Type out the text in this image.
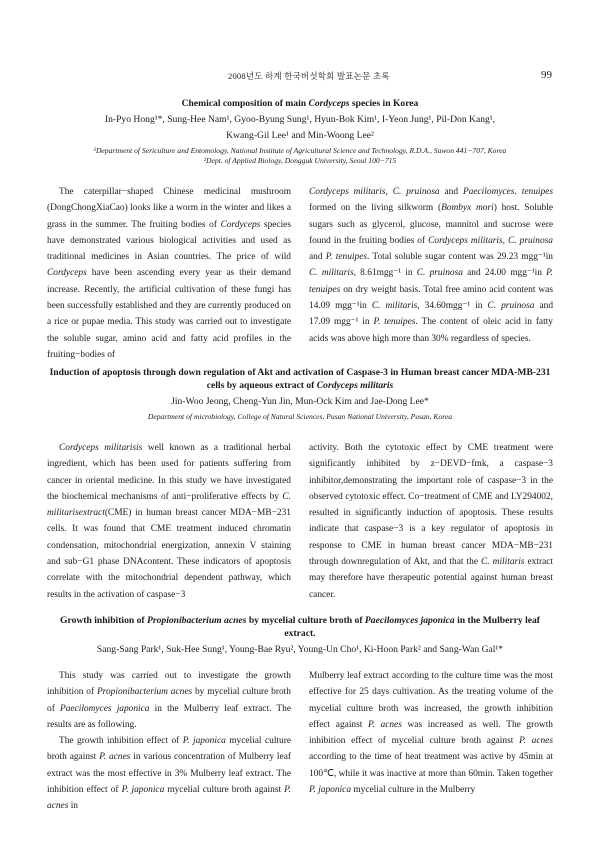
2008년도 하계 한국버섯학회 발표논문 초록	99

Chemical composition of main Cordyceps species in Korea

In-Pyo Hong¹*, Sung-Hee Nam¹, Gyoo-Byung Sung¹, Hyun-Bok Kim¹, I-Yeon Jung¹, Pil-Don Kang¹,
Kwang-Gil Lee¹ and Min-Woong Lee²

¹Department of Sericulture and Entomology, National Institute of Agricultural Science and Technology, R.D.A., Suwon 441−707, Korea
²Dept. of Applied Biology, Dongguk University, Seoul 100−715

The caterpillar−shaped Chinese medicinal mushroom (DongChongXiaCao) looks like a worm in the winter and likes a grass in the summer. The fruiting bodies of Cordyceps species have demonstrated various biological activities and used as traditional medicines in Asian countries. The price of wild Cordyceps have been ascending every year as their demand increase. Recently, the artificial cultivation of these fungi has been successfully established and they are currently produced on a rice or pupae media. This study was carried out to investigate the soluble sugar, amino acid and fatty acid profiles in the fruiting−bodies of

Cordyceps militaris, C. pruinosa and Paecilomyces. tenuipes formed on the living silkworm (Bombyx mori) host. Soluble sugars such as glycerol, glucose, mannitol and sucrose were found in the fruiting bodies of Cordyceps militaris, C. pruinosa and P. tenuipes. Total soluble sugar content was 29.23 mgg⁻¹in C. militaris, 8.61mgg⁻¹ in C. pruinosa and 24.00 mgg⁻¹in P. tenuipes on dry weight basis. Total free amino acid content was 14.09 mgg⁻¹in C. militaris, 34.60mgg⁻¹ in C. pruinosa and 17.09 mgg⁻¹ in P. tenuipes. The content of oleic acid in fatty acids was above high more than 30% regardless of species.

Induction of apoptosis through down regulation of Akt and activation of Caspase-3 in Human breast cancer MDA-MB-231
cells by aqueous extract of Cordyceps militaris

Jin-Woo Jeong, Cheng-Yun Jin, Mun-Ock Kim and Jae-Dong Lee*

Department of microbiology, College of Natural Sciences, Pusan National University, Pusan, Korea

Cordyceps militarisis well known as a traditional herbal ingredient, which has been used for patients suffering from cancer in oriental medicine. In this study we have investigated the biochemical mechanisms of anti−proliferative effects by C. militarisextract(CME) in human breast cancer MDA−MB−231 cells. It was found that CME treatment induced chromatin condensation, mitochondrial energization, annexin V staining and sub−G1 phase DNAcontent. These indicators of apoptosis correlate with the mitochondrial dependent pathway, which results in the activation of caspase−3

activity. Both the cytotoxic effect by CME treatment were significantly inhibited by z−DEVD−fmk, a caspase−3 inhibitor,demonstrating the important role of caspase−3 in the observed cytotoxic effect. Co−treatment of CME and LY294002, resulted in significantly induction of apoptosis. These results indicate that caspase−3 is a key regulator of apoptosis in response to CME in human breast cancer MDA−MB−231 through downregulation of Akt, and that the C. militaris extract may therefore have therapeutic potential against human breast cancer.

Growth inhibition of Propionibacterium acnes by mycelial culture broth of Paecilomyces japonica in the Mulberry leaf extract.

Sang-Sang Park¹, Suk-Hee Sung¹, Young-Bae Ryu², Young-Un Cho¹, Ki-Hoon Park² and Sang-Wan Gal¹*

This study was carried out to investigate the growth inhibition of Propionibacterium acnes by mycelial culture broth of Paecilomyces japonica in the Mulberry leaf extract. The results are as following.

The growth inhibition effect of P. japonica mycelial culture broth against P. acnes in various concentration of Mulberry leaf extract was the most effective in 3% Mulberry leaf extract. The inhibition effect of P. japonica mycelial culture broth against P. acnes in

Mulberry leaf extract according to the culture time was the most effective for 25 days cultivation. As the treating volume of the mycelial culture broth was increased, the growth inhibition effect against P. acnes was increased as well. The growth inhibition effect of mycelial culture broth against P. acnes according to the time of heat treatment was active by 45min at 100℃, while it was inactive at more than 60min. Taken together P. japonica mycelial culture in the Mulberry
